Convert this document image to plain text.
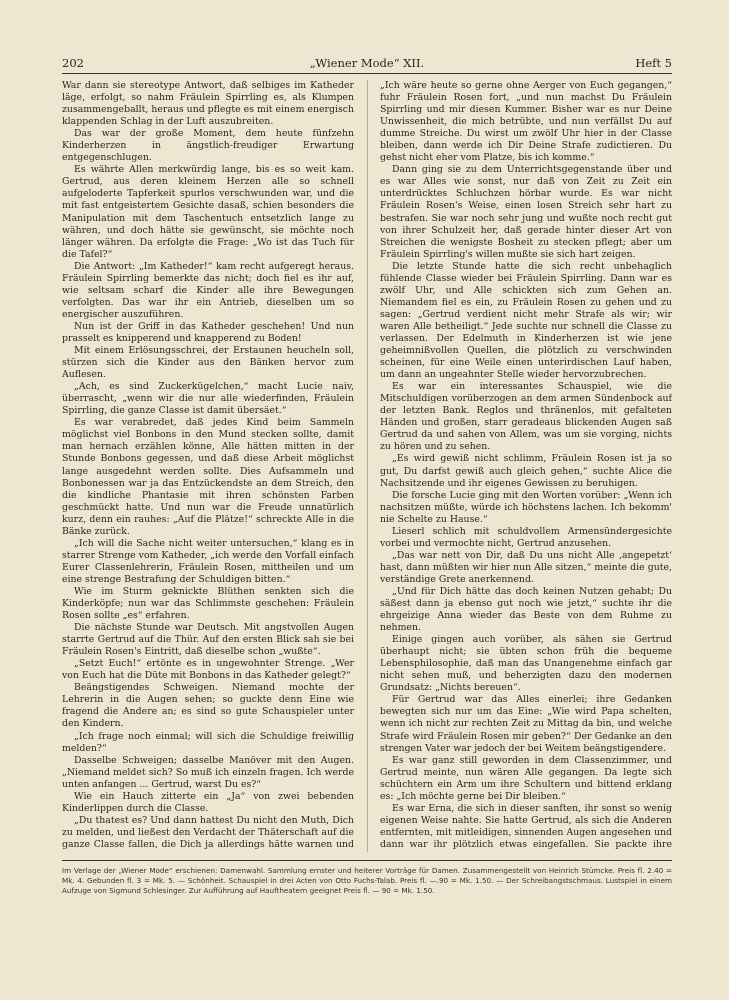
202	„Wiener Mode“ XII.	Heft 5

War dann sie stereotype Antwort, daß selbiges im Katheder läge, erfolgt, so nahm Fräulein Spirrling es, als Klumpen zusammengeballt, heraus und pflegte es mit einem energisch klappenden Schlag in der Luft auszubreiten.

Das war der große Moment, dem heute fünfzehn Kinderherzen in ängstlich-freudiger Erwartung entgegenschlugen.

Es währte Allen merkwürdig lange, bis es so weit kam. Gertrud, aus deren kleinem Herzen alle so schnell aufgeloderte Tapferkeit spurlos verschwunden war, und die mit fast entgeistertem Gesichte dasaß, schien besonders die Manipulation mit dem Taschentuch entsetzlich lange zu währen, und doch hätte sie gewünscht, sie möchte noch länger währen. Da erfolgte die Frage: „Wo ist das Tuch für die Tafel?“

Die Antwort: „Im Katheder!“ kam recht aufgeregt heraus. Fräulein Spirrling bemerkte das nicht; doch fiel es ihr auf, wie seltsam scharf die Kinder alle ihre Bewegungen verfolgten. Das war ihr ein Antrieb, dieselben um so energischer auszuführen.

Nun ist der Griff in das Katheder geschehen! Und nun prasselt es knipperend und knapperend zu Boden!

Mit einem Erlösungsschrei, der Erstaunen heucheln soll, stürzen sich die Kinder aus den Bänken hervor zum Auflesen.

„Ach, es sind Zuckerkügelchen,“ macht Lucie naiv, überrascht, „wenn wir die nur alle wiederfinden, Fräulein Spirrling, die ganze Classe ist damit übersäet.“

Es war verabredet, daß jedes Kind beim Sammeln möglichst viel Bonbons in den Mund stecken sollte, damit man hernach erzählen könne, Alle hätten mitten in der Stunde Bonbons gegessen, und daß diese Arbeit möglichst lange ausgedehnt werden sollte. Dies Aufsammeln und Bonbonessen war ja das Entzückendste an dem Streich, den die kindliche Phantasie mit ihren schönsten Farben geschmückt hatte. Und nun war die Freude unnatürlich kurz, denn ein rauhes: „Auf die Plätze!“ schreckte Alle in die Bänke zurück.

„Ich will die Sache nicht weiter untersuchen,“ klang es in starrer Strenge vom Katheder, „ich werde den Vorfall einfach Eurer Classenlehrerin, Fräulein Rosen, mittheilen und um eine strenge Bestrafung der Schuldigen bitten.“

Wie im Sturm geknickte Blüthen senkten sich die Kinderköpfe; nun war das Schlimmste geschehen: Fräulein Rosen sollte „es“ erfahren.

Die nächste Stunde war Deutsch. Mit angstvollen Augen starrte Gertrud auf die Thür. Auf den ersten Blick sah sie bei Fräulein Rosen's Eintritt, daß dieselbe schon „wußte“.

„Setzt Euch!“ ertönte es in ungewohnter Strenge. „Wer von Euch hat die Düte mit Bonbons in das Katheder gelegt?“

Beängstigendes Schweigen. Niemand mochte der Lehrerin in die Augen sehen; so guckte denn Eine wie fragend die Andere an; es sind so gute Schauspieler unter den Kindern.

„Ich frage noch einmal; will sich die Schuldige freiwillig melden?“

Dasselbe Schweigen; dasselbe Manöver mit den Augen. „Niemand meldet sich? So muß ich einzeln fragen. Ich werde unten anfangen ... Gertrud, warst Du es?“

Wie ein Hauch zitterte ein „Ja“ von zwei bebenden Kinderlippen durch die Classe.

„Du thatest es? Und dann hattest Du nicht den Muth, Dich zu melden, und ließest den Verdacht der Thäterschaft auf die ganze Classe fallen, die Dich ja allerdings hätte warnen und

„Ich wäre heute so gerne ohne Aerger von Euch gegangen,“ fuhr Fräulein Rosen fort, „und nun machst Du Fräulein Spirrling und mir diesen Kummer. Bisher war es nur Deine Unwissenheit, die mich betrübte, und nun verfällst Du auf dumme Streiche. Du wirst um zwölf Uhr hier in der Classe bleiben, dann werde ich Dir Deine Strafe zudictieren. Du gehst nicht eher vom Platze, bis ich komme.“

Dann ging sie zu dem Unterrichtsgegenstande über und es war Alles wie sonst, nur daß von Zeit zu Zeit ein unterdrücktes Schluchzen hörbar wurde. Es war nicht Fräulein Rosen's Weise, einen losen Streich sehr hart zu bestrafen. Sie war noch sehr jung und wußte noch recht gut von ihrer Schulzeit her, daß gerade hinter dieser Art von Streichen die wenigste Bosheit zu stecken pflegt; aber um Fräulein Spirrling's willen mußte sie sich hart zeigen.

Die letzte Stunde hatte die sich recht unbehaglich fühlende Classe wieder bei Fräulein Spirrling. Dann war es zwölf Uhr, und Alle schickten sich zum Gehen an. Niemandem fiel es ein, zu Fräulein Rosen zu gehen und zu sagen: „Gertrud verdient nicht mehr Strafe als wir; wir waren Alle betheiligt.“ Jede suchte nur schnell die Classe zu verlassen. Der Edelmuth in Kinderherzen ist wie jene geheimnißvollen Quellen, die plötzlich zu verschwinden scheinen, für eine Weile einen unterirdischen Lauf haben, um dann an ungeahnter Stelle wieder hervorzubrechen.

Es war ein interessantes Schauspiel, wie die Mitschuldigen vorüberzogen an dem armen Sündenbock auf der letzten Bank. Reglos und thränenlos, mit gefalteten Händen und großen, starr geradeaus blickenden Augen saß Gertrud da und sahen von Allem, was um sie vorging, nichts zu hören und zu sehen.

„Es wird gewiß nicht schlimm, Fräulein Rosen ist ja so gut, Du darfst gewiß auch gleich gehen,“ suchte Alice die Nachsitzende und ihr eigenes Gewissen zu beruhigen.

Die forsche Lucie ging mit den Worten vorüber: „Wenn ich nachsitzen müßte, würde ich höchstens lachen. Ich bekomm' nie Schelte zu Hause.“

Lieserl schlich mit schuldvollem Armensündergesichte vorbei und vermochte nicht, Gertrud anzusehen.

„Das war nett von Dir, daß Du uns nicht Alle ‚angepetzt‘ hast, dann müßten wir hier nun Alle sitzen,“ meinte die gute, verständige Grete anerkennend.

„Und für Dich hätte das doch keinen Nutzen gehabt; Du säßest dann ja ebenso gut noch wie jetzt,“ suchte ihr die ehrgeizige Anna wieder das Beste von dem Ruhme zu nehmen.

Einige gingen auch vorüber, als sähen sie Gertrud überhaupt nicht; sie übten schon früh die bequeme Lebensphilosophie, daß man das Unangenehme einfach gar nicht sehen muß, und beherzigten dazu den modernen Grundsatz: „Nichts bereuen“.

Für Gertrud war das Alles einerlei; ihre Gedanken bewegten sich nur um das Eine: „Wie wird Papa schelten, wenn ich nicht zur rechten Zeit zu Mittag da bin, und welche Strafe wird Fräulein Rosen mir geben?“ Der Gedanke an den strengen Vater war jedoch der bei Weitem beängstigendere.

Es war ganz still geworden in dem Classenzimmer, und Gertrud meinte, nun wären Alle gegangen. Da legte sich schüchtern ein Arm um ihre Schultern und bittend erklang es: „Ich möchte gerne bei Dir bleiben.“

Es war Erna, die sich in dieser sanften, ihr sonst so wenig eigenen Weise nahte. Sie hatte Gertrud, als sich die Anderen entfernten, mit mitleidigen, sinnenden Augen angesehen und dann war ihr plötzlich etwas eingefallen. Sie packte ihre

Im Verlage der „Wiener Mode“ erschienen: Damenwahl. Sammlung ernster und heiterer Vorträge für Damen. Zusammengestellt von Heinrich Stümcke. Preis fl. 2.40 = Mk. 4. Gebunden fl. 3 = Mk. 5. — Schönheit. Schauspiel in drei Acten von Otto Fuchs-Talab. Preis fl. —.90 = Mk. 1.50. — Der Schreibangstschmaus. Lustspiel in einem Aufzuge von Sigmund Schlesinger. Zur Aufführung auf Hauftheatern geeignet Preis fl. — 90 = Mk. 1.50.
